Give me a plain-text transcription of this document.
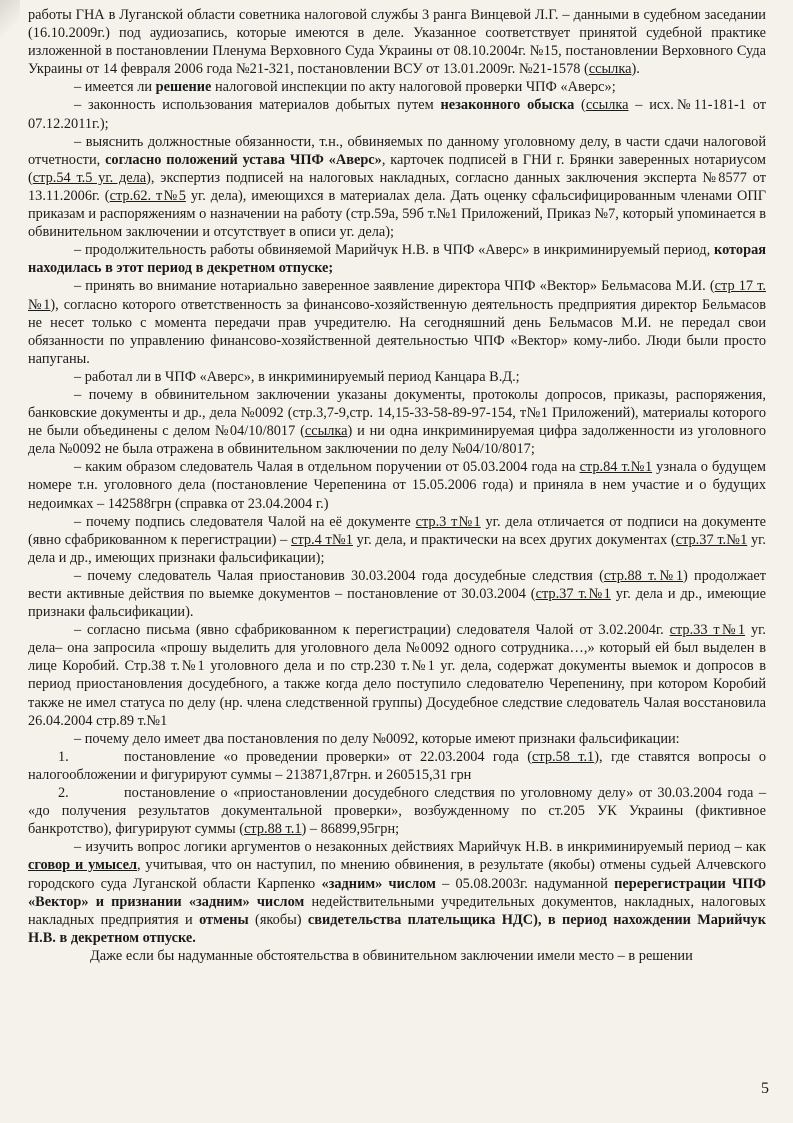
работы ГНА в Луганской области советника налоговой службы 3 ранга Винцевой Л.Г. – данными в судебном заседании (16.10.2009г.) под аудиозапись, которые имеются в деле. Указанное соответствует принятой судебной практике изложенной в постановлении Пленума Верховного Суда Украины от 08.10.2004г. №15, постановлении Верховного Суда Украины от 14 февраля 2006 года №21-321, постановлении ВСУ от 13.01.2009г. №21-1578 (ссылка).

– имеется ли решение налоговой инспекции по акту налоговой проверки ЧПФ «Аверс»;

– законность использования материалов добытых путем незаконного обыска (ссылка – исх.№11-181-1 от 07.12.2011г.);

– выяснить должностные обязанности, т.н., обвиняемых по данному уголовному делу, в части сдачи налоговой отчетности, согласно положений устава ЧПФ «Аверс», карточек подписей в ГНИ г. Брянки заверенных нотариусом (стр.54 т.5 уг. дела), экспертиз подписей на налоговых накладных, согласно данных заключения эксперта №8577 от 13.11.2006г. (стр.62. т№5 уг. дела), имеющихся в материалах дела. Дать оценку сфальсифицированным членами ОПГ приказам и распоряжениям о назначении на работу (стр.59а, 59б т.№1 Приложений, Приказ №7, который упоминается в обвинительном заключении и отсутствует в описи уг. дела);

– продолжительность работы обвиняемой Марийчук Н.В. в ЧПФ «Аверс» в инкриминируемый период, которая находилась в этот период в декретном отпуске;

– принять во внимание нотариально заверенное заявление директора ЧПФ «Вектор» Бельмасова М.И. (стр 17 т.№1), согласно которого ответственность за финансово-хозяйственную деятельность предприятия директор Бельмасов не несет только с момента передачи прав учредителю. На сегодняшний день Бельмасов М.И. не передал свои обязанности по управлению финансово-хозяйственной деятельностью ЧПФ «Вектор» кому-либо. Люди были просто напуганы.

– работал ли в ЧПФ «Аверс», в инкриминируемый период Канцара В.Д.;

– почему в обвинительном заключении указаны документы, протоколы допросов, приказы, распоряжения, банковские документы и др., дела №0092 (стр.3,7-9,стр. 14,15-33-58-89-97-154, т№1 Приложений), материалы которого не были объединены с делом №04/10/8017 (ссылка) и ни одна инкриминируемая цифра задолженности из уголовного дела №0092 не была отражена в обвинительном заключении по делу №04/10/8017;

– каким образом следователь Чалая в отдельном поручении от 05.03.2004 года на стр.84 т.№1 узнала о будущем номере т.н. уголовного дела (постановление Черепенина от 15.05.2006 года) и приняла в нем участие и о будущих недоимках – 142588грн (справка от 23.04.2004 г.)

– почему подпись следователя Чалой на её документе стр.3 т№1 уг. дела отличается от подписи на документе (явно сфабрикованном к перегистрации) – стр.4 т№1 уг. дела, и практически на всех других документах (стр.37 т.№1 уг. дела и др., имеющих признаки фальсификации);

– почему следователь Чалая приостановив 30.03.2004 года досудебные следствия (стр.88 т.№1) продолжает вести активные действия по выемке документов – постановление от 30.03.2004 (стр.37 т.№1 уг. дела и др., имеющие признаки фальсификации).

– согласно письма (явно сфабрикованном к перегистрации) следователя Чалой от 3.02.2004г. стр.33 т№1 уг. дела– она запросила «прошу выделить для уголовного дела №0092 одного сотрудника…,» который ей был выделен в лице Коробий. Стр.38 т.№1 уголовного дела и по стр.230 т.№1 уг. дела, содержат документы выемок и допросов в период приостановления досудебного, а также когда дело поступило следователю Черепенину, при котором Коробий также не имел статуса по делу (нр. члена следственной группы) Досудебное следствие следователь Чалая восстановила 26.04.2004 стр.89 т.№1

– почему дело имеет два постановления по делу №0092, которые имеют признаки фальсификации:

1.	постановление «о проведении проверки» от 22.03.2004 года (стр.58 т.1), где ставятся вопросы о налогообложении и фигурируют суммы – 213871,87грн. и 260515,31 грн

2.	постановление о «приостановлении досудебного следствия по уголовному делу» от 30.03.2004 года – «до получения результатов документальной проверки», возбужденному по ст.205 УК Украины (фиктивное банкротство), фигурируют суммы (стр.88 т.1) – 86899,95грн;

– изучить вопрос логики аргументов о незаконных действиях Марийчук Н.В. в инкриминируемый период – как сговор и умысел, учитывая, что он наступил, по мнению обвинения, в результате (якобы) отмены судьей Алчевского городского суда Луганской области Карпенко «задним» числом – 05.08.2003г. надуманной перерегистрации ЧПФ «Вектор» и признании «задним» числом недействительными учредительных документов, накладных, налоговых накладных предприятия и отмены (якобы) свидетельства плательщика НДС), в период нахождении Марийчук Н.В. в декретном отпуске.

Даже если бы надуманные обстоятельства в обвинительном заключении имели место – в решении

5
